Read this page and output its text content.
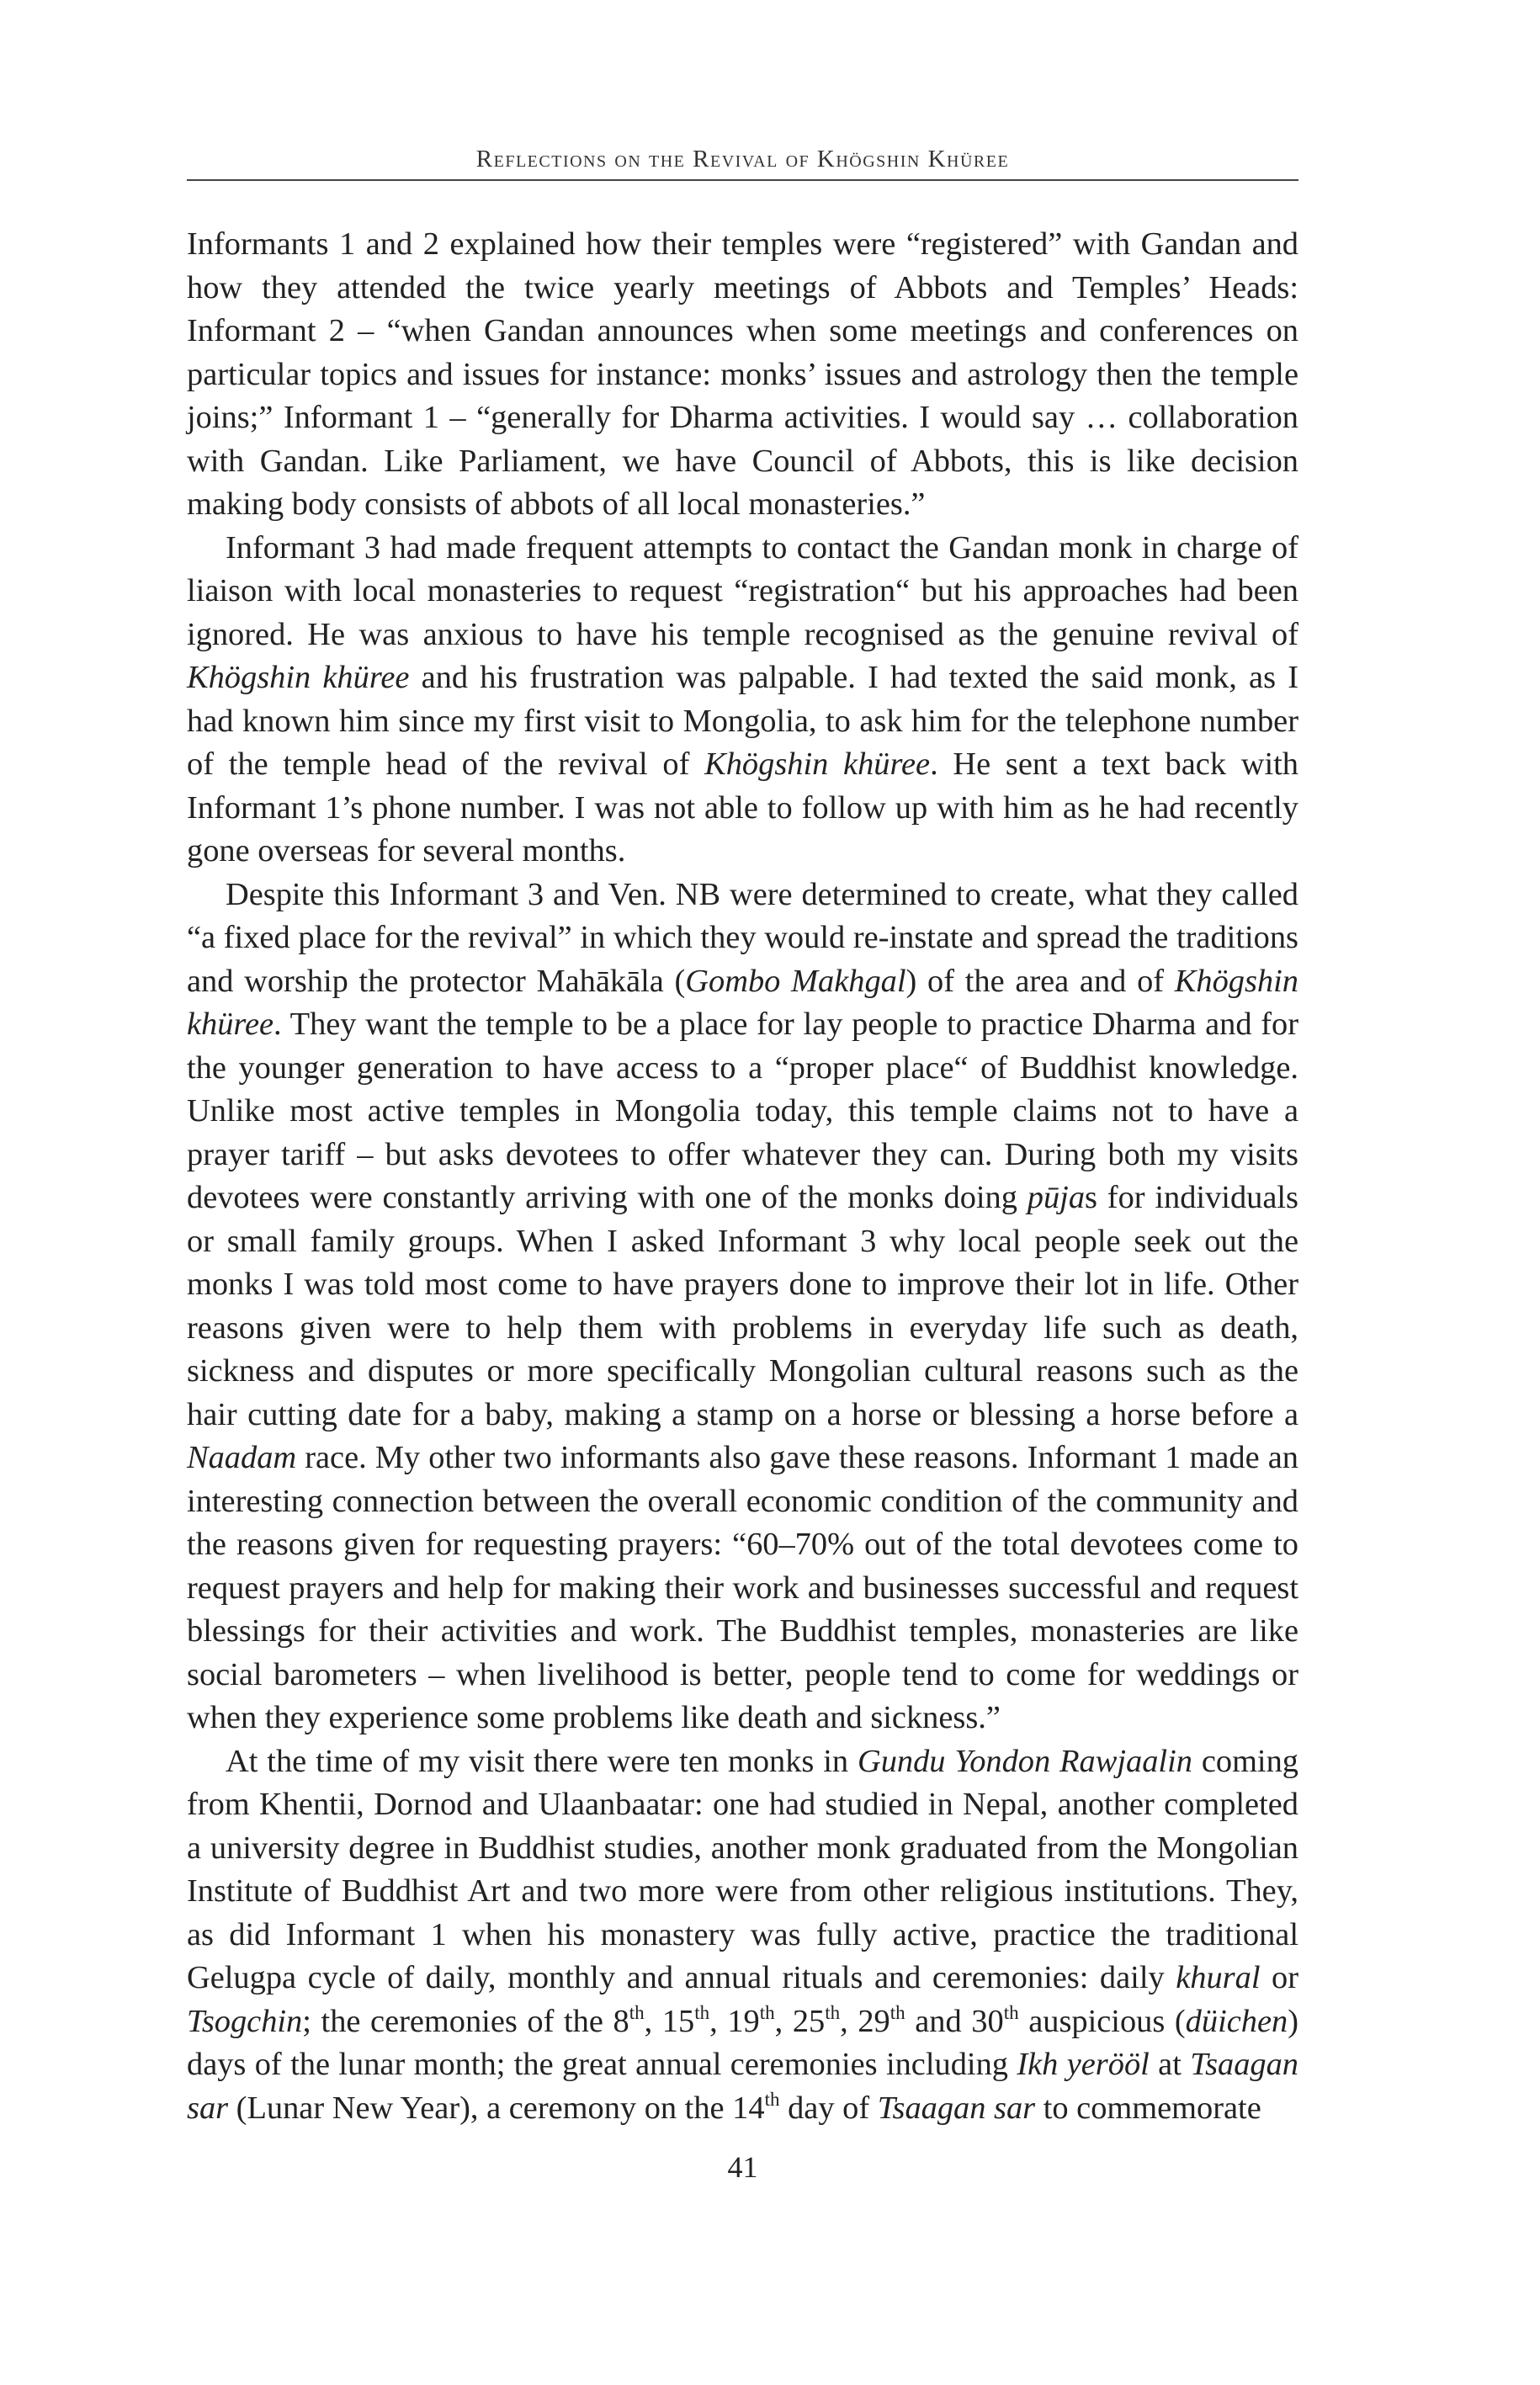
Reflections on the Revival of Khögshin Khüree

Informants 1 and 2 explained how their temples were “registered” with Gandan and how they attended the twice yearly meetings of Abbots and Temples’ Heads: Informant 2 – “when Gandan announces when some meetings and conferences on particular topics and issues for instance: monks’ issues and astrology then the temple joins;” Informant 1 – “generally for Dharma activities. I would say … collaboration with Gandan. Like Parliament, we have Council of Abbots, this is like decision making body consists of abbots of all local monasteries.”

Informant 3 had made frequent attempts to contact the Gandan monk in charge of liaison with local monasteries to request “registration“ but his approaches had been ignored. He was anxious to have his temple recognised as the genuine revival of Khögshin khüree and his frustration was palpable. I had texted the said monk, as I had known him since my first visit to Mongolia, to ask him for the telephone number of the temple head of the revival of Khögshin khüree. He sent a text back with Informant 1’s phone number. I was not able to follow up with him as he had recently gone overseas for several months.

Despite this Informant 3 and Ven. NB were determined to create, what they called “a fixed place for the revival” in which they would re-instate and spread the traditions and worship the protector Mahākāla (Gombo Makhgal) of the area and of Khögshin khüree. They want the temple to be a place for lay people to practice Dharma and for the younger generation to have access to a “proper place“ of Buddhist knowledge. Unlike most active temples in Mongolia today, this temple claims not to have a prayer tariff – but asks devotees to offer whatever they can. During both my visits devotees were constantly arriving with one of the monks doing pūjas for individuals or small family groups. When I asked Informant 3 why local people seek out the monks I was told most come to have prayers done to improve their lot in life. Other reasons given were to help them with problems in everyday life such as death, sickness and disputes or more specifically Mongolian cultural reasons such as the hair cutting date for a baby, making a stamp on a horse or blessing a horse before a Naadam race. My other two informants also gave these reasons. Informant 1 made an interesting connection between the overall economic condition of the community and the reasons given for requesting prayers: “60–70% out of the total devotees come to request prayers and help for making their work and businesses successful and request blessings for their activities and work. The Buddhist temples, monasteries are like social barometers – when livelihood is better, people tend to come for weddings or when they experience some problems like death and sickness.”

At the time of my visit there were ten monks in Gundu Yondon Rawjaalin coming from Khentii, Dornod and Ulaanbaatar: one had studied in Nepal, another completed a university degree in Buddhist studies, another monk graduated from the Mongolian Institute of Buddhist Art and two more were from other religious institutions. They, as did Informant 1 when his monastery was fully active, practice the traditional Gelugpa cycle of daily, monthly and annual rituals and ceremonies: daily khural or Tsogchin; the ceremonies of the 8th, 15th, 19th, 25th, 29th and 30th auspicious (düichen) days of the lunar month; the great annual ceremonies including Ikh yerööl at Tsaagan sar (Lunar New Year), a ceremony on the 14th day of Tsaagan sar to commemorate

41
